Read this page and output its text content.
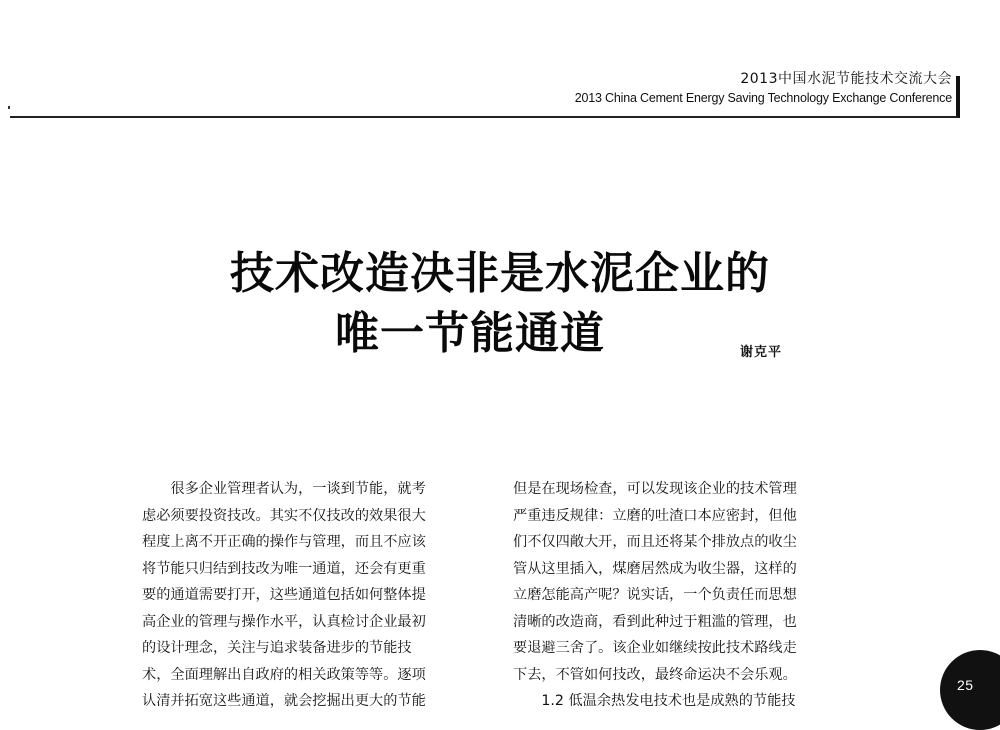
2013中国水泥节能技术交流大会
2013 China Cement Energy Saving Technology Exchange Conference
技术改造决非是水泥企业的
唯一节能通道	谢克平
　　很多企业管理者认为，一谈到节能，就考
虑必须要投资技改。其实不仅技改的效果很大
程度上离不开正确的操作与管理，而且不应该
将节能只归结到技改为唯一通道，还会有更重
要的通道需要打开，这些通道包括如何整体提
高企业的管理与操作水平，认真检讨企业最初
的设计理念，关注与追求装备进步的节能技
术，全面理解出自政府的相关政策等等。逐项
认清并拓宽这些通道，就会挖掘出更大的节能
但是在现场检查，可以发现该企业的技术管理
严重违反规律：立磨的吐渣口本应密封，但他
们不仅四敞大开，而且还将某个排放点的收尘
管从这里插入，煤磨居然成为收尘器，这样的
立磨怎能高产呢？说实话，一个负责任而思想
清晰的改造商，看到此种过于粗滥的管理，也
要退避三舍了。该企业如继续按此技术路线走
下去，不管如何技改，最终命运决不会乐观。
　　1.2 低温余热发电技术也是成熟的节能技
25
